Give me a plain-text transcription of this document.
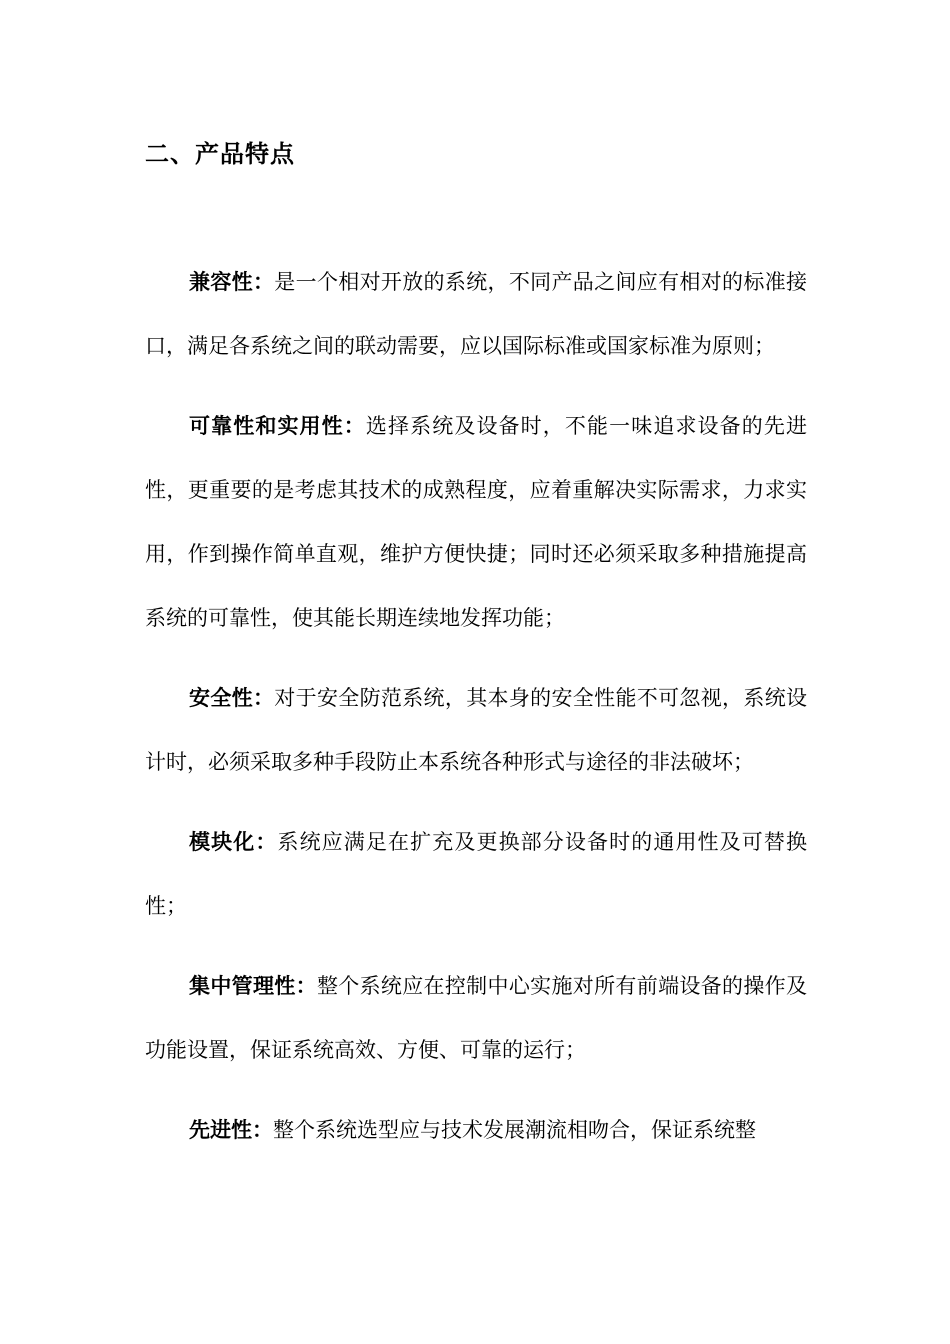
二、产品特点

兼容性：是一个相对开放的系统，不同产品之间应有相对的标准接口，满足各系统之间的联动需要，应以国际标准或国家标准为原则；

可靠性和实用性：选择系统及设备时，不能一味追求设备的先进性，更重要的是考虑其技术的成熟程度，应着重解决实际需求，力求实用，作到操作简单直观，维护方便快捷；同时还必须采取多种措施提高系统的可靠性，使其能长期连续地发挥功能；

安全性：对于安全防范系统，其本身的安全性能不可忽视，系统设计时，必须采取多种手段防止本系统各种形式与途径的非法破坏；

模块化：系统应满足在扩充及更换部分设备时的通用性及可替换性；

集中管理性：整个系统应在控制中心实施对所有前端设备的操作及功能设置，保证系统高效、方便、可靠的运行；

先进性：整个系统选型应与技术发展潮流相吻合，保证系统整
